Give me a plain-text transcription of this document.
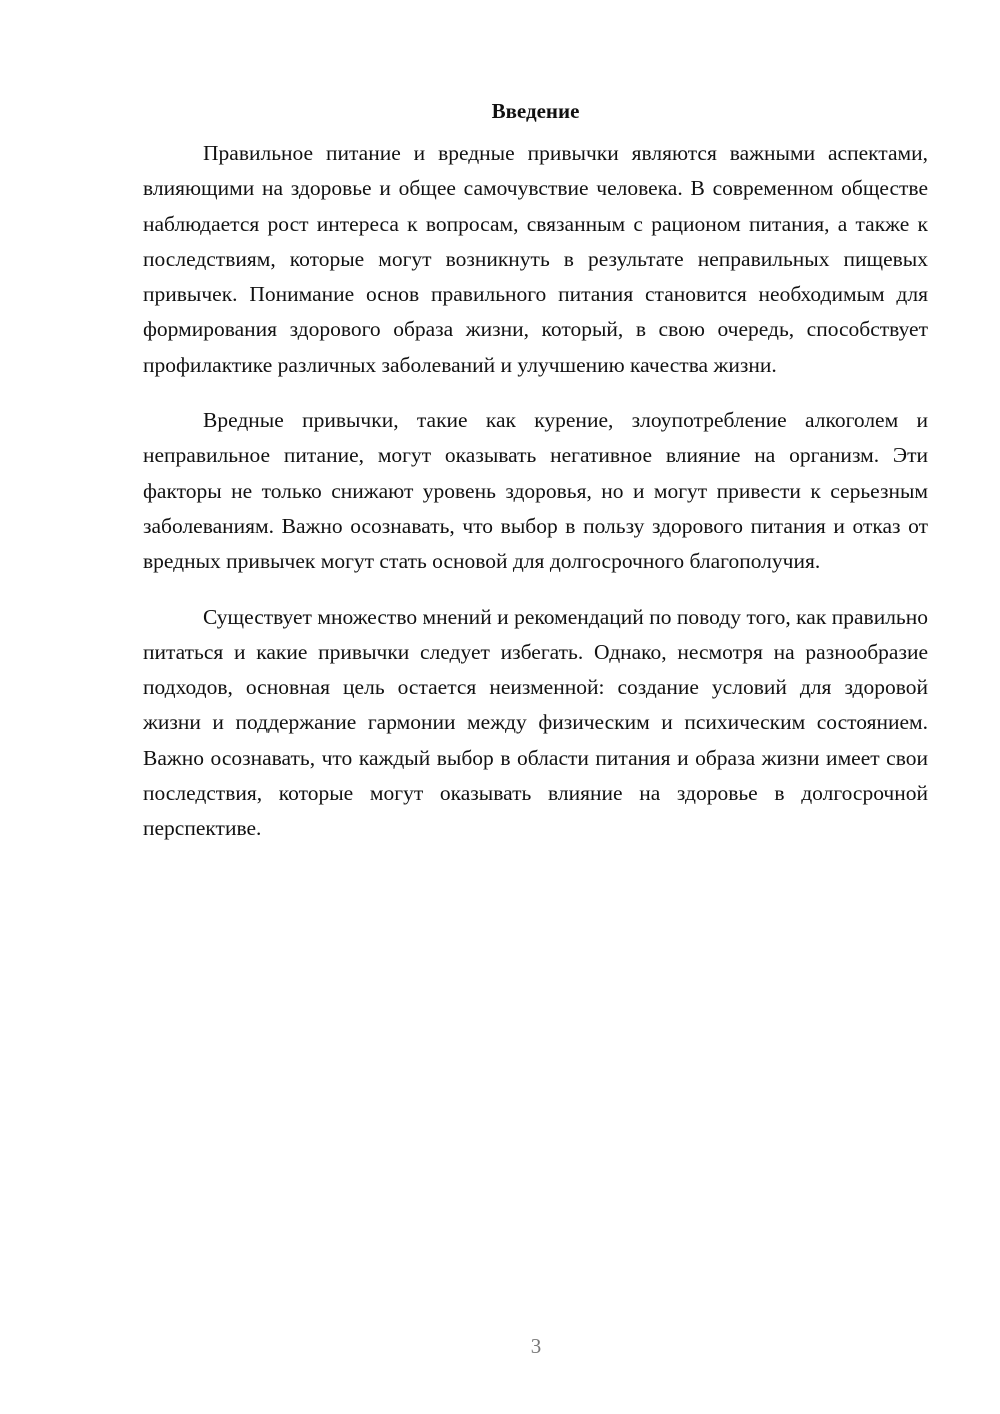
Введение

Правильное питание и вредные привычки являются важными аспектами, влияющими на здоровье и общее самочувствие человека. В современном обществе наблюдается рост интереса к вопросам, связанным с рационом питания, а также к последствиям, которые могут возникнуть в результате неправильных пищевых привычек. Понимание основ правильного питания становится необходимым для формирования здорового образа жизни, который, в свою очередь, способствует профилактике различных заболеваний и улучшению качества жизни.

Вредные привычки, такие как курение, злоупотребление алкоголем и неправильное питание, могут оказывать негативное влияние на организм. Эти факторы не только снижают уровень здоровья, но и могут привести к серьезным заболеваниям. Важно осознавать, что выбор в пользу здорового питания и отказ от вредных привычек могут стать основой для долгосрочного благополучия.

Существует множество мнений и рекомендаций по поводу того, как правильно питаться и какие привычки следует избегать. Однако, несмотря на разнообразие подходов, основная цель остается неизменной: создание условий для здоровой жизни и поддержание гармонии между физическим и психическим состоянием. Важно осознавать, что каждый выбор в области питания и образа жизни имеет свои последствия, которые могут оказывать влияние на здоровье в долгосрочной перспективе.

3
